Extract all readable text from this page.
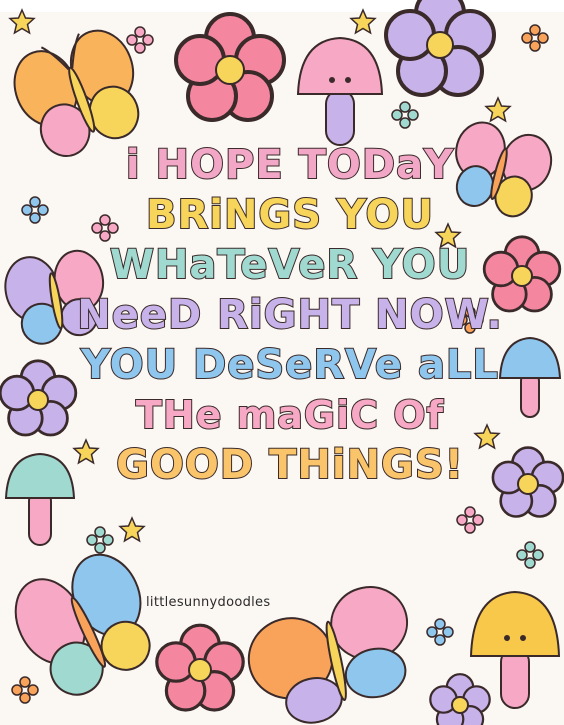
i HOPE TODaY
BRiNGS YOU
WHaTeVeR YOU
NeeD RiGHT NOW.
YOU DeSeRVe aLL
THe maGiC Of
GOOD THiNGS!
littlesunnydoodles
